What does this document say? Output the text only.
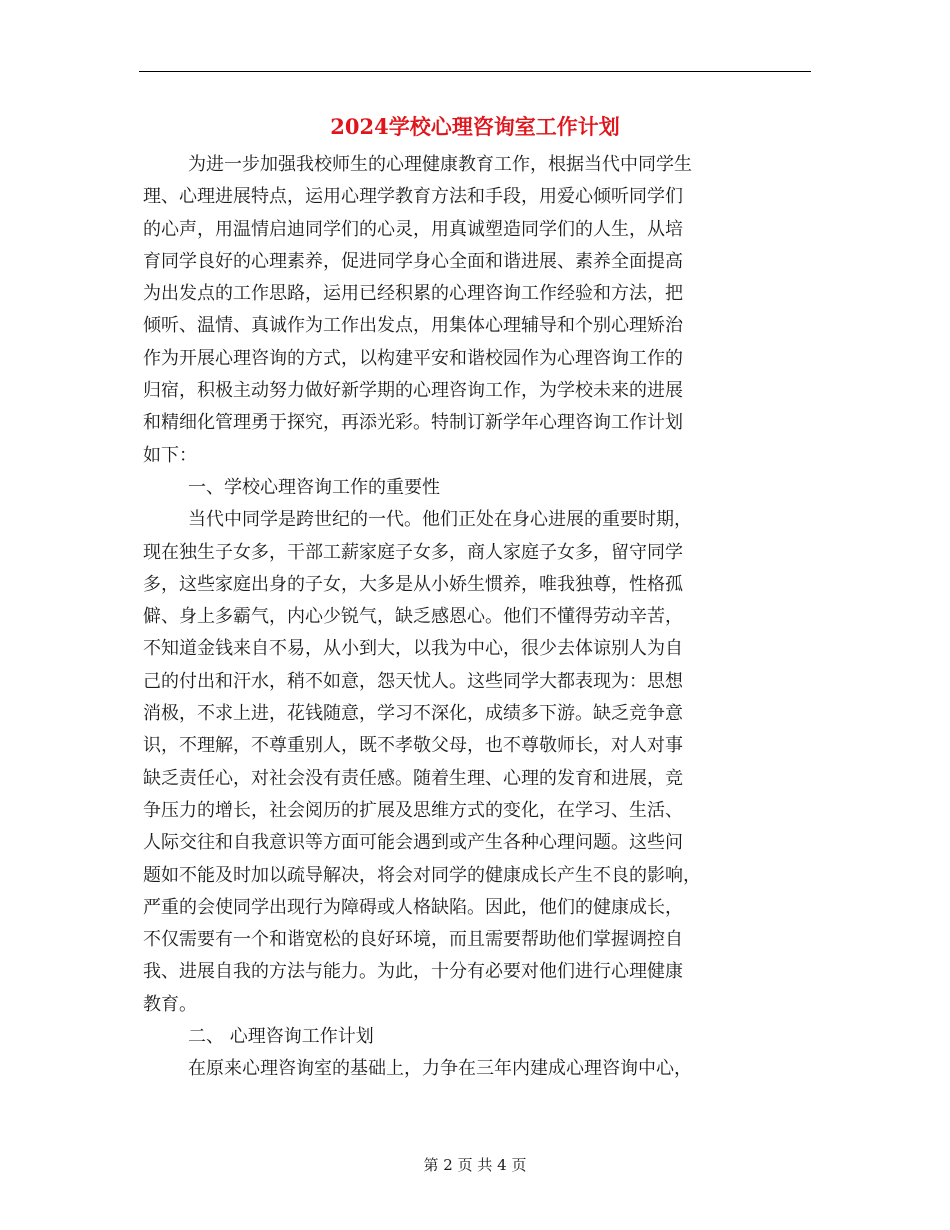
2024学校心理咨询室工作计划
为进一步加强我校师生的心理健康教育工作，根据当代中同学生
理、心理进展特点，运用心理学教育方法和手段，用爱心倾听同学们
的心声，用温情启迪同学们的心灵，用真诚塑造同学们的人生，从培
育同学良好的心理素养，促进同学身心全面和谐进展、素养全面提高
为出发点的工作思路，运用已经积累的心理咨询工作经验和方法，把
倾听、温情、真诚作为工作出发点，用集体心理辅导和个别心理矫治
作为开展心理咨询的方式，以构建平安和谐校园作为心理咨询工作的
归宿，积极主动努力做好新学期的心理咨询工作，为学校未来的进展
和精细化管理勇于探究，再添光彩。特制订新学年心理咨询工作计划
如下：
一、学校心理咨询工作的重要性
当代中同学是跨世纪的一代。他们正处在身心进展的重要时期，
现在独生子女多，干部工薪家庭子女多，商人家庭子女多，留守同学
多，这些家庭出身的子女，大多是从小娇生惯养，唯我独尊，性格孤
僻、身上多霸气，内心少锐气，缺乏感恩心。他们不懂得劳动辛苦，
不知道金钱来自不易，从小到大，以我为中心，很少去体谅别人为自
己的付出和汗水，稍不如意，怨天忧人。这些同学大都表现为：思想
消极，不求上进，花钱随意，学习不深化，成绩多下游。缺乏竞争意
识，不理解，不尊重别人，既不孝敬父母，也不尊敬师长，对人对事
缺乏责任心，对社会没有责任感。随着生理、心理的发育和进展，竞
争压力的增长，社会阅历的扩展及思维方式的变化，在学习、生活、
人际交往和自我意识等方面可能会遇到或产生各种心理问题。这些问
题如不能及时加以疏导解决，将会对同学的健康成长产生不良的影响，
严重的会使同学出现行为障碍或人格缺陷。因此，他们的健康成长，
不仅需要有一个和谐宽松的良好环境，而且需要帮助他们掌握调控自
我、进展自我的方法与能力。为此，十分有必要对他们进行心理健康
教育。
二、 心理咨询工作计划
在原来心理咨询室的基础上，力争在三年内建成心理咨询中心，
第 2 页 共 4 页
